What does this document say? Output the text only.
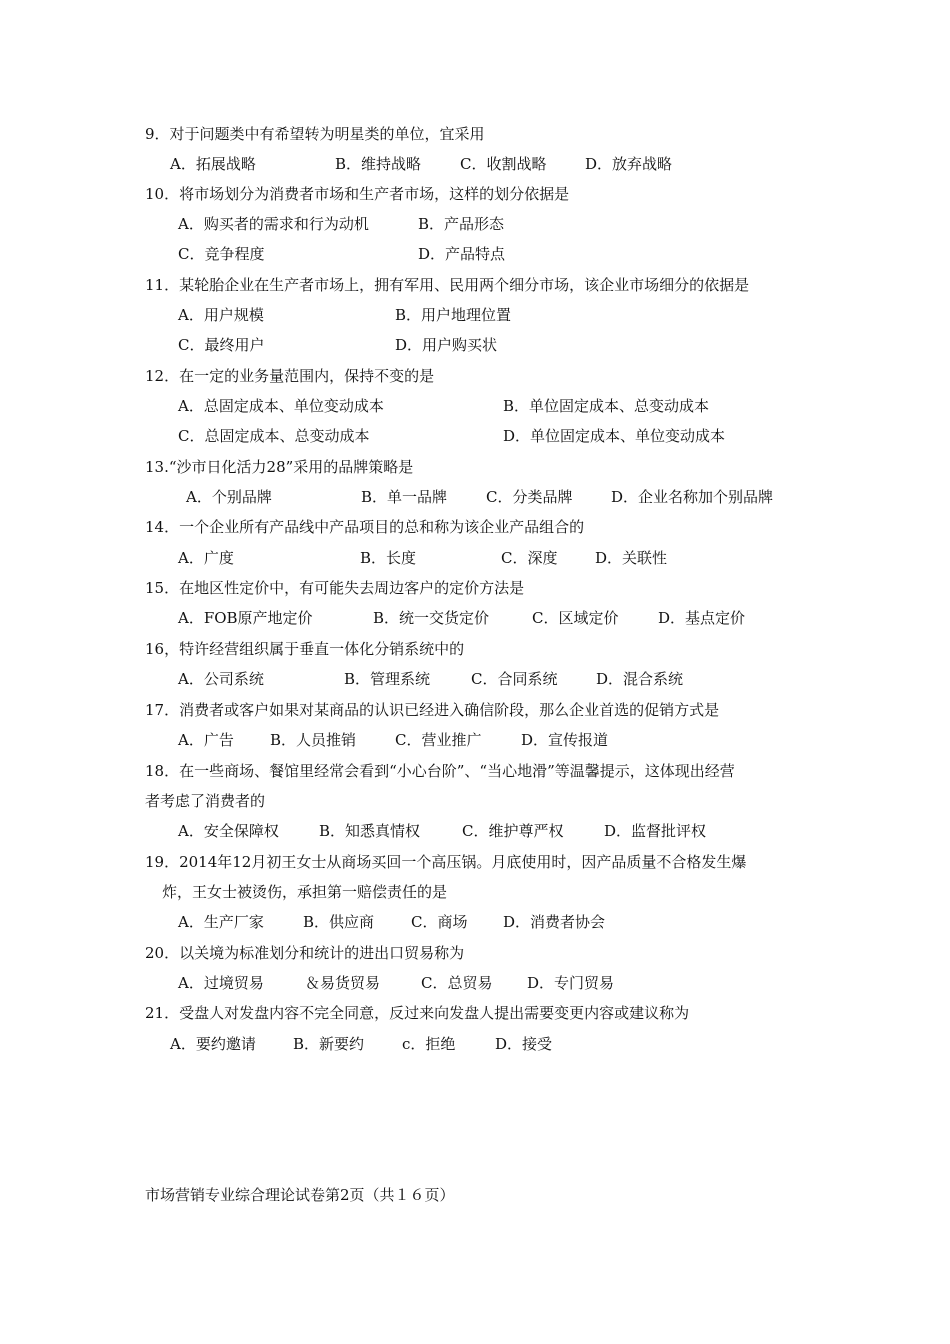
9．对于问题类中有希望转为明星类的单位，宜采用

A．拓展战略

	B．维持战略

	C．收割战略

	D．放弃战略

10．将市场划分为消费者市场和生产者市场，这样的划分依据是

A．购买者的需求和行为动机

	B．产品形态

C．竞争程度

	D．产品特点

11．某轮胎企业在生产者市场上，拥有军用、民用两个细分市场，该企业市场细分的依据是

A．用户规模

	B．用户地理位置

C．最终用户

	D．用户购买状

12．在一定的业务量范围内，保持不变的是

A．总固定成本、单位变动成本

	B．单位固定成本、总变动成本

C．总固定成本、总变动成本

	D．单位固定成本、单位变动成本

13.“沙市日化活力28”采用的品牌策略是

A．个别品牌

	B．单一品牌

	C．分类品牌

	D．企业名称加个别品牌

14．一个企业所有产品线中产品项目的总和称为该企业产品组合的

A．广度

	B．长度

	C．深度

	D．关联性

15．在地区性定价中，有可能失去周边客户的定价方法是

A．FOB原产地定价

	B．统一交货定价

	C．区域定价

	D．基点定价

16，特许经营组织属于垂直一体化分销系统中的

A．公司系统

	B．管理系统

	C．合同系统

	D．混合系统

17．消费者或客户如果对某商品的认识已经进入确信阶段，那么企业首选的促销方式是

A．广告

B．人员推销

	C．营业推广

	D．宣传报道

18．在一些商场、餐馆里经常会看到“小心台阶”、“当心地滑”等温馨提示，这体现出经营
者考虑了消费者的

A．安全保障权

	B．知悉真情权

	C．维护尊严权

	D．监督批评权

19．2014年12月初王女士从商场买回一个高压锅。月底使用时，因产品质量不合格发生爆
炸，王女士被烫伤，承担第一赔偿责任的是

A．生产厂家

	B．供应商

C．商场

D．消费者协会

20．以关境为标准划分和统计的进出口贸易称为

A．过境贸易

	＆易货贸易

	C．总贸易

D．专门贸易

21．受盘人对发盘内容不完全同意，反过来向发盘人提出需要变更内容或建议称为

A．要约邀请

B．新要约

	c．拒绝

	D．接受

市场营销专业综合理论试卷第2页（共１６页）
